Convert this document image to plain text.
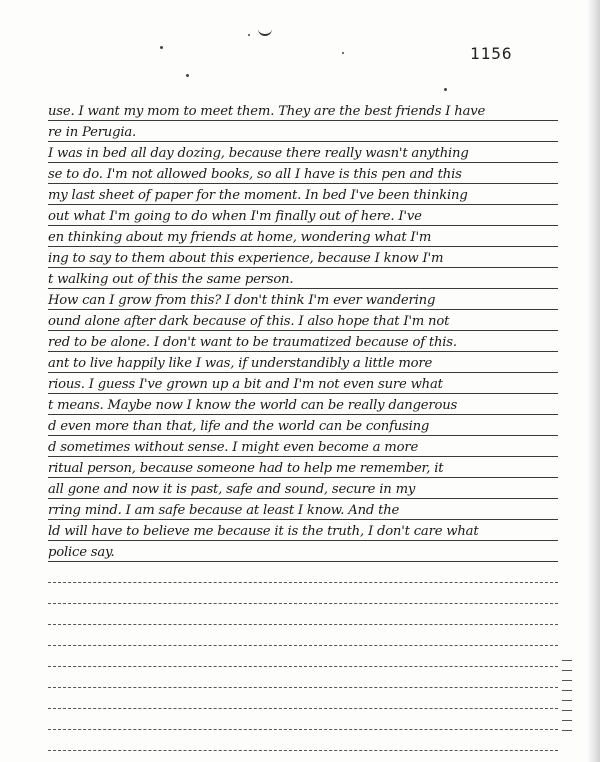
1156
use. I want my mom to meet them. They are the best friends I have
re in Perugia.
I was in bed all day dozing, because there really wasn't anything
se to do. I'm not allowed books, so all I have is this pen and this
my last sheet of paper for the moment. In bed I've been thinking
out what I'm going to do when I'm finally out of here. I've
en thinking about my friends at home, wondering what I'm
ing to say to them about this experience, because I know I'm
t walking out of this the same person.
How can I grow from this? I don't think I'm ever wandering
ound alone after dark because of this. I also hope that I'm not
red to be alone. I don't want to be traumatized because of this.
ant to live happily like I was, if understandibly a little more
rious. I guess I've grown up a bit and I'm not even sure what
t means. Maybe now I know the world can be really dangerous
d even more than that, life and the world can be confusing
d sometimes without sense. I might even become a more
ritual person, because someone had to help me remember, it
all gone and now it is past, safe and sound, secure in my
rring mind. I am safe because at least I know. And the
ld will have to believe me because it is the truth, I don't care what
police say.
